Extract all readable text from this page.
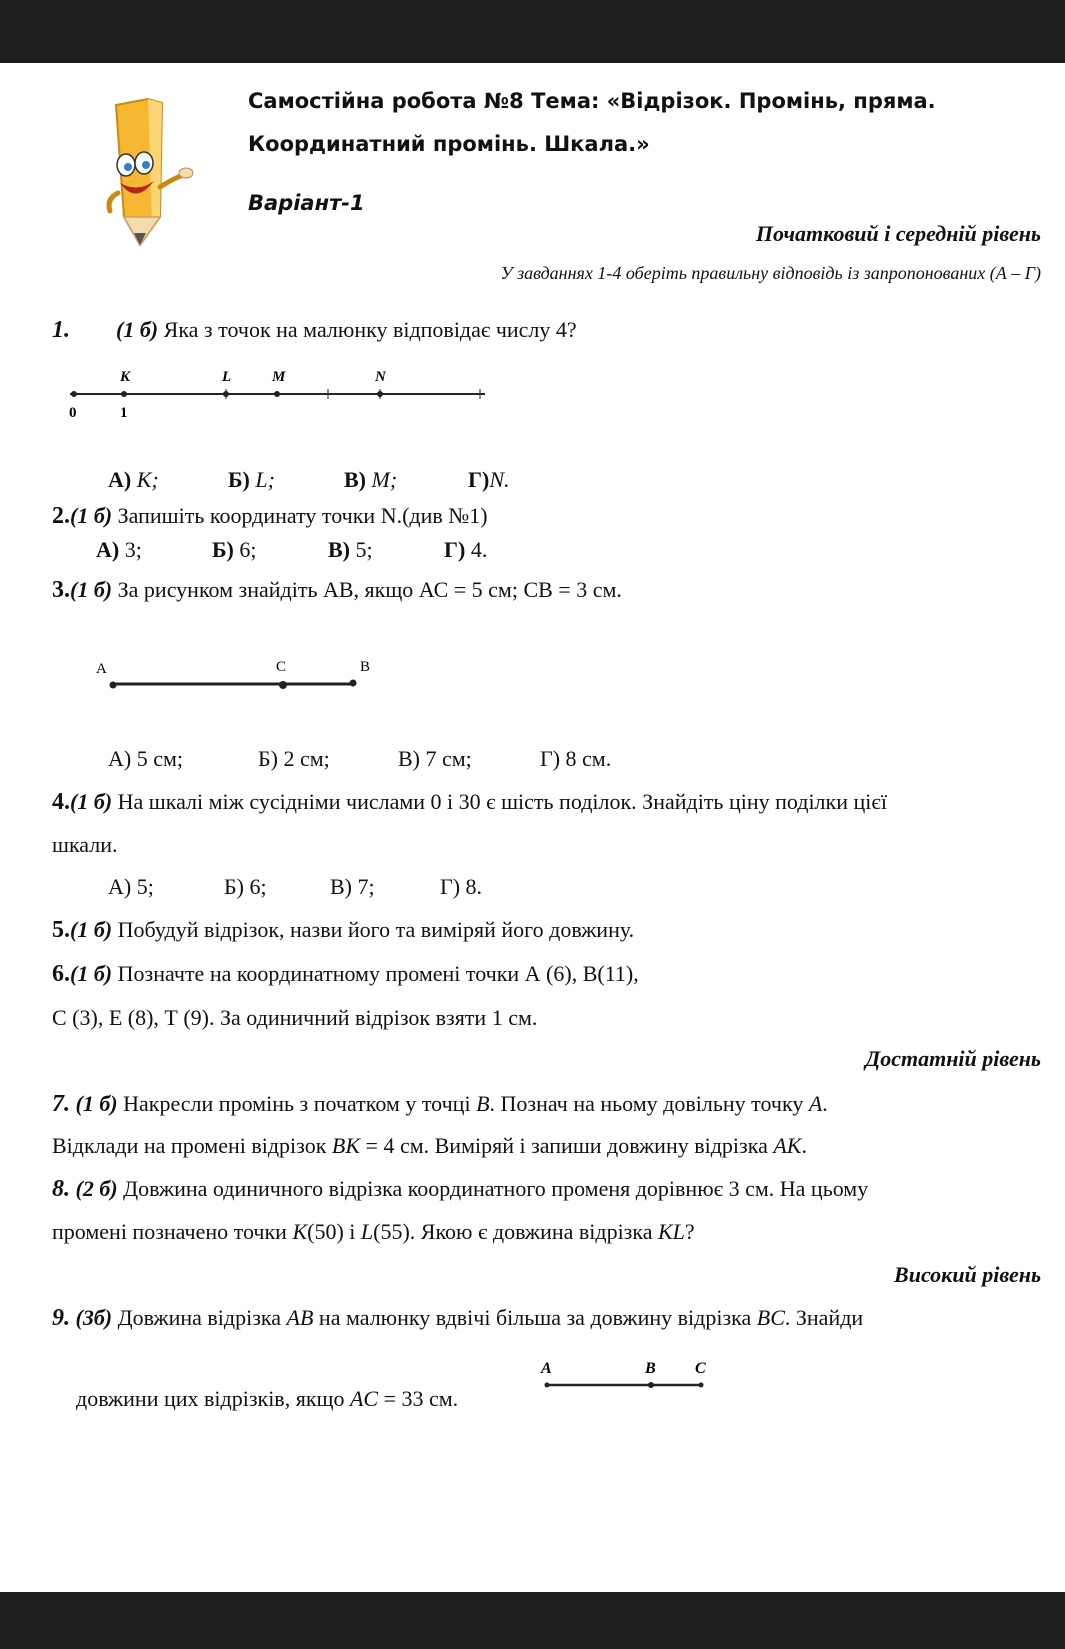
Самостійна робота №8 Тема: «Відрізок. Промінь, пряма.
Координатний промінь. Шкала.»
Варіант-1
Початковий і середній рівень
У завданнях 1-4 оберіть правильну відповідь із запропонованих (А – Г)
1. (1 б) Яка з точок на малюнку відповідає числу 4?
K	L	M	N
0	1
А) K;	Б) L;	В) M;	Г)N.
2.(1 б) Запишіть координату точки N.(див №1)
А) 3;	Б) 6;	В) 5;	Г) 4.
3.(1 б) За рисунком знайдіть АВ, якщо АС = 5 см; СВ = 3 см.
A	C	B
А) 5 см;	Б) 2 см;	В) 7 см;	Г) 8 см.
4.(1 б) На шкалі між сусідніми числами 0 і 30 є шість поділок. Знайдіть ціну поділки цієї
шкали.
А) 5;	Б) 6;	В) 7;	Г) 8.
5.(1 б) Побудуй відрізок, назви його та виміряй його довжину.
6.(1 б) Позначте на координатному промені точки А (6), В(11),
С (3), Е (8), Т (9). За одиничний відрізок взяти 1 см.
Достатній рівень
7. (1 б) Накресли промінь з початком у точці B. Познач на ньому довільну точку A.
Відклади на промені відрізок BK = 4 см. Виміряй і запиши довжину відрізка AK.
8. (2 б) Довжина одиничного відрізка координатного променя дорівнює 3 см. На цьому
промені позначено точки K(50) і L(55). Якою є довжина відрізка KL?
Високий рівень
9. (3б) Довжина відрізка AB на малюнку вдвічі більша за довжину відрізка BC. Знайди
довжини цих відрізків, якщо AC = 33 см.
A	B C
